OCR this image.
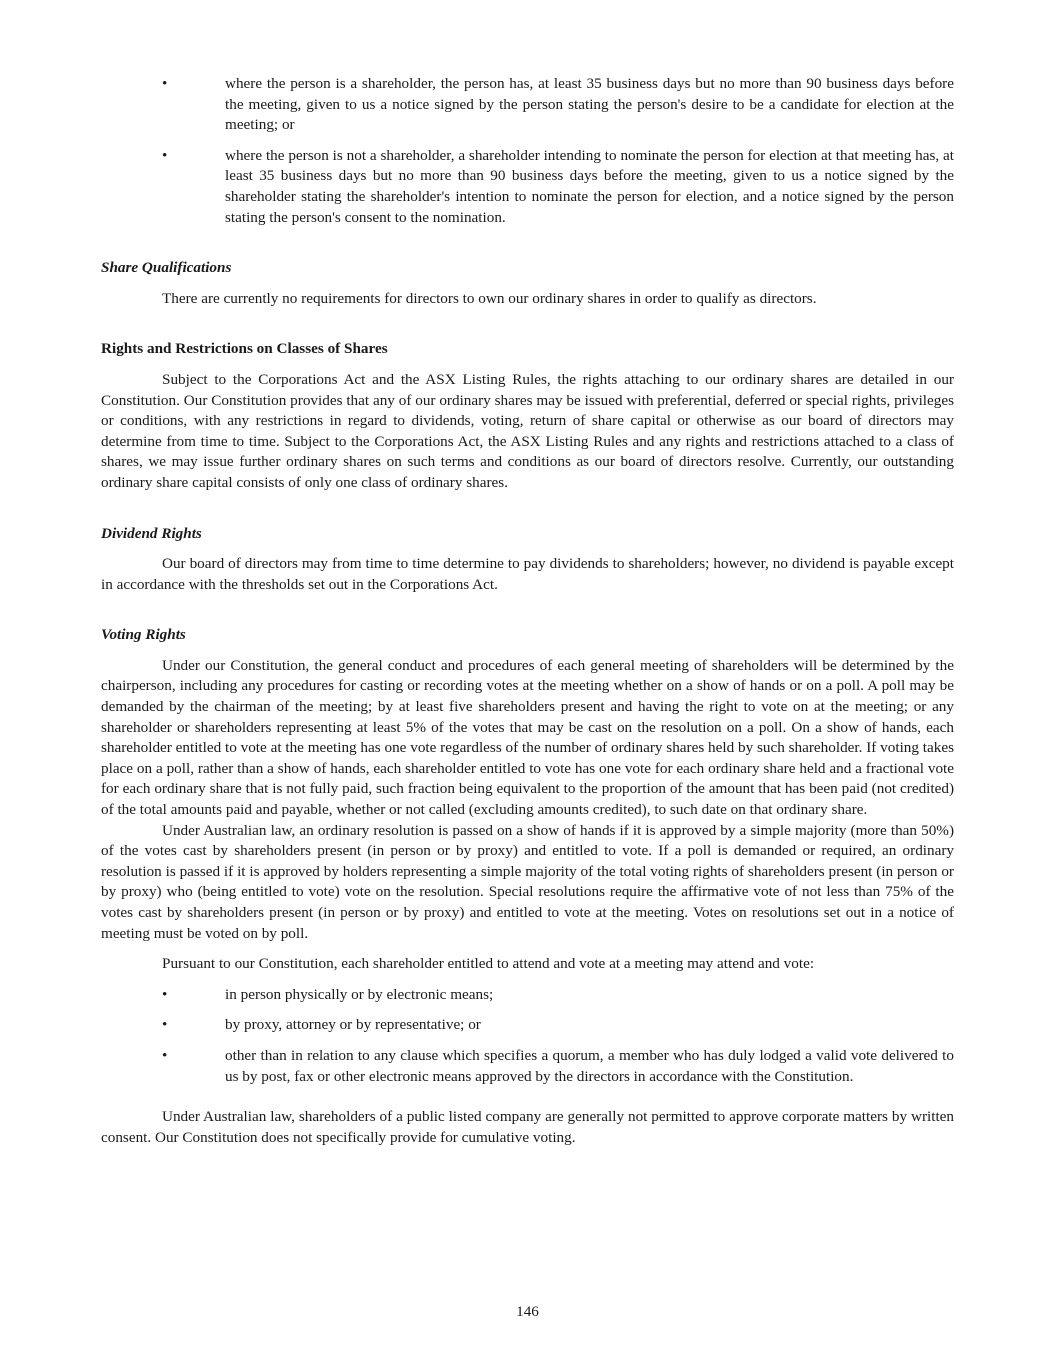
•	where the person is a shareholder, the person has, at least 35 business days but no more than 90 business days before the meeting, given to us a notice signed by the person stating the person's desire to be a candidate for election at the meeting; or
•	where the person is not a shareholder, a shareholder intending to nominate the person for election at that meeting has, at least 35 business days but no more than 90 business days before the meeting, given to us a notice signed by the shareholder stating the shareholder's intention to nominate the person for election, and a notice signed by the person stating the person's consent to the nomination.
Share Qualifications

There are currently no requirements for directors to own our ordinary shares in order to qualify as directors.

Rights and Restrictions on Classes of Shares

Subject to the Corporations Act and the ASX Listing Rules, the rights attaching to our ordinary shares are detailed in our Constitution. Our Constitution provides that any of our ordinary shares may be issued with preferential, deferred or special rights, privileges or conditions, with any restrictions in regard to dividends, voting, return of share capital or otherwise as our board of directors may determine from time to time. Subject to the Corporations Act, the ASX Listing Rules and any rights and restrictions attached to a class of shares, we may issue further ordinary shares on such terms and conditions as our board of directors resolve. Currently, our outstanding ordinary share capital consists of only one class of ordinary shares.

Dividend Rights

Our board of directors may from time to time determine to pay dividends to shareholders; however, no dividend is payable except in accordance with the thresholds set out in the Corporations Act.

Voting Rights

Under our Constitution, the general conduct and procedures of each general meeting of shareholders will be determined by the chairperson, including any procedures for casting or recording votes at the meeting whether on a show of hands or on a poll. A poll may be demanded by the chairman of the meeting; by at least five shareholders present and having the right to vote on at the meeting; or any shareholder or shareholders representing at least 5% of the votes that may be cast on the resolution on a poll. On a show of hands, each shareholder entitled to vote at the meeting has one vote regardless of the number of ordinary shares held by such shareholder. If voting takes place on a poll, rather than a show of hands, each shareholder entitled to vote has one vote for each ordinary share held and a fractional vote for each ordinary share that is not fully paid, such fraction being equivalent to the proportion of the amount that has been paid (not credited) of the total amounts paid and payable, whether or not called (excluding amounts credited), to such date on that ordinary share.

Under Australian law, an ordinary resolution is passed on a show of hands if it is approved by a simple majority (more than 50%) of the votes cast by shareholders present (in person or by proxy) and entitled to vote. If a poll is demanded or required, an ordinary resolution is passed if it is approved by holders representing a simple majority of the total voting rights of shareholders present (in person or by proxy) who (being entitled to vote) vote on the resolution. Special resolutions require the affirmative vote of not less than 75% of the votes cast by shareholders present (in person or by proxy) and entitled to vote at the meeting. Votes on resolutions set out in a notice of meeting must be voted on by poll.

Pursuant to our Constitution, each shareholder entitled to attend and vote at a meeting may attend and vote:

•	in person physically or by electronic means;
•	by proxy, attorney or by representative; or
•	other than in relation to any clause which specifies a quorum, a member who has duly lodged a valid vote delivered to us by post, fax or other electronic means approved by the directors in accordance with the Constitution.

Under Australian law, shareholders of a public listed company are generally not permitted to approve corporate matters by written consent. Our Constitution does not specifically provide for cumulative voting.

146
